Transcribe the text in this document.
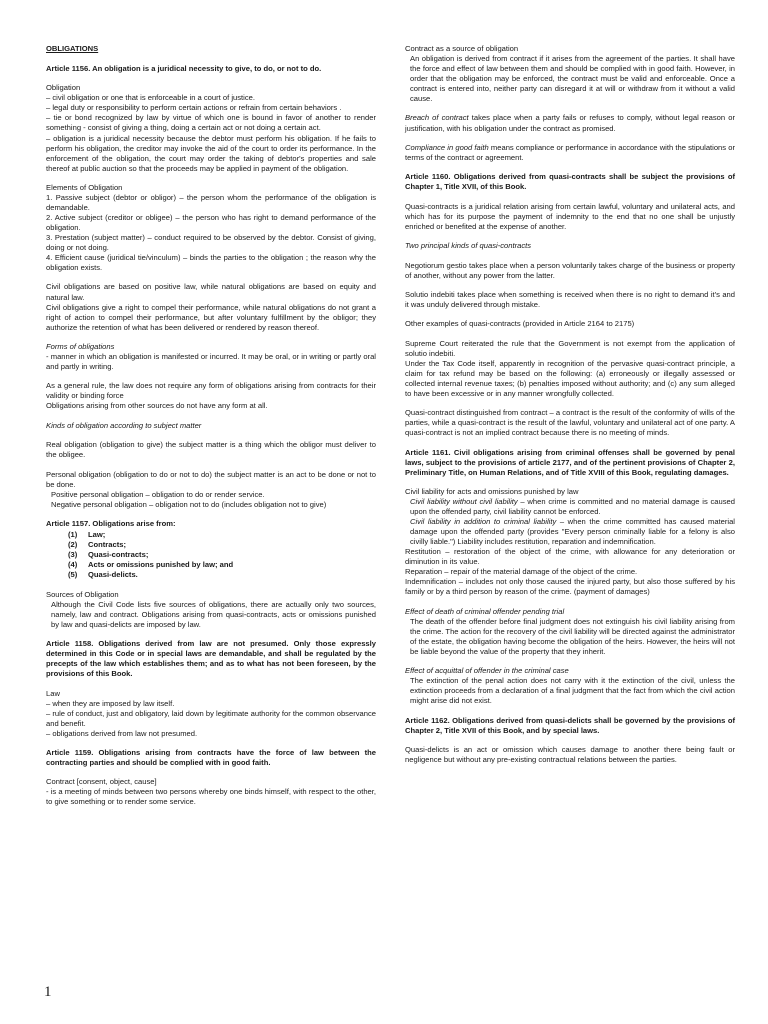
OBLIGATIONS

Article 1156. An obligation is a juridical necessity to give, to do, or not to do.

Obligation

– civil obligation or one that is enforceable in a court of justice.

– legal duty or responsibility to perform certain actions or refrain from certain behaviors .

– tie or bond recognized by law by virtue of which one is bound in favor of another to render something - consist of giving a thing, doing a certain act or not doing a certain act.

– obligation is a juridical necessity because the debtor must perform his obligation. If he fails to perform his obligation, the creditor may invoke the aid of the court to order its performance. In the enforcement of the obligation, the court may order the taking of debtor's properties and sale thereof at public auction so that the proceeds may be applied in payment of the obligation.

Elements of Obligation

1. Passive subject (debtor or obligor) – the person whom the performance of the obligation is demandable.

2. Active subject (creditor or obligee) – the person who has right to demand performance of the obligation.

3. Prestation (subject matter) – conduct required to be observed by the debtor. Consist of giving, doing or not doing.

4. Efficient cause (juridical tie/vinculum) – binds the parties to the obligation ; the reason why the obligation exists.

Civil obligations are based on positive law, while natural obligations are based on equity and natural law.

Civil obligations give a right to compel their performance, while natural obligations do not grant a right of action to compel their performance, but after voluntary fulfillment by the obligor; they authorize the retention of what has been delivered or rendered by reason thereof.

Forms of obligations

- manner in which an obligation is manifested or incurred. It may be oral, or in writing or partly oral and partly in writing.

As a general rule, the law does not require any form of obligations arising from contracts for their validity or binding force

Obligations arising from other sources do not have any form at all.

Kinds of obligation according to subject matter

Real obligation (obligation to give) the subject matter is a thing which the obligor must deliver to the obligee.

Personal obligation (obligation to do or not to do) the subject matter is an act to be done or not to be done.

Positive personal obligation – obligation to do or render service.

Negative personal obligation – obligation not to do (includes obligation not to give)

Article 1157. Obligations arise from:

(1)	Law;
(2)	Contracts;
(3)	Quasi-contracts;
(4)	Acts or omissions punished by law; and
(5)	Quasi-delicts.

Sources of Obligation

Although the Civil Code lists five sources of obligations, there are actually only two sources, namely, law and contract. Obligations arising from quasi-contracts, acts or omissions punished by law and quasi-delicts are imposed by law.

Article 1158. Obligations derived from law are not presumed. Only those expressly determined in this Code or in special laws are demandable, and shall be regulated by the precepts of the law which establishes them; and as to what has not been foreseen, by the provisions of this Book.

Law

– when they are imposed by law itself.

– rule of conduct, just and obligatory, laid down by legitimate authority for the common observance and benefit.

– obligations derived from law not presumed.

Article 1159. Obligations arising from contracts have the force of law between the contracting parties and should be complied with in good faith.

Contract [consent, object, cause]

- is a meeting of minds between two persons whereby one binds himself, with respect to the other, to give something or to render some service.

Contract as a source of obligation

An obligation is derived from contract if it arises from the agreement of the parties. It shall have the force and effect of law between them and should be complied with in good faith. However, in order that the obligation may be enforced, the contract must be valid and enforceable. Once a contract is entered into, neither party can disregard it at will or withdraw from it without a valid cause.

Breach of contract takes place when a party fails or refuses to comply, without legal reason or justification, with his obligation under the contract as promised.

Compliance in good faith means compliance or performance in accordance with the stipulations or terms of the contract or agreement.

Article 1160. Obligations derived from quasi-contracts shall be subject the provisions of Chapter 1, Title XVII, of this Book.

Quasi-contracts is a juridical relation arising from certain lawful, voluntary and unilateral acts, and which has for its purpose the payment of indemnity to the end that no one shall be unjustly enriched or benefited at the expense of another.

Two principal kinds of quasi-contracts

Negotiorum gestio takes place when a person voluntarily takes charge of the business or property of another, without any power from the latter.

Solutio indebiti takes place when something is received when there is no right to demand it's and it was unduly delivered through mistake.

Other examples of quasi-contracts (provided in Article 2164 to 2175)

Supreme Court reiterated the rule that the Government is not exempt from the application of solutio indebiti.

Under the Tax Code itself, apparently in recognition of the pervasive quasi-contract principle, a claim for tax refund may be based on the following: (a) erroneously or illegally assessed or collected internal revenue taxes; (b) penalties imposed without authority; and (c) any sum alleged to have been excessive or in any manner wrongfully collected.

Quasi-contract distinguished from contract – a contract is the result of the conformity of wills of the parties, while a quasi-contract is the result of the lawful, voluntary and unilateral act of one party. A quasi-contract is not an implied contract because there is no meeting of minds.

Article 1161. Civil obligations arising from criminal offenses shall be governed by penal laws, subject to the provisions of article 2177, and of the pertinent provisions of Chapter 2, Preliminary Title, on Human Relations, and of Title XVIII of this Book, regulating damages.

Civil liability for acts and omissions punished by law

Civil liability without civil liability – when crime is committed and no material damage is caused upon the offended party, civil liability cannot be enforced.

Civil liability in addition to criminal liability – when the crime committed has caused material damage upon the offended party (provides "Every person criminally liable for a felony is also civilly liable.") Liability includes restitution, reparation and indemnification.

Restitution – restoration of the object of the crime, with allowance for any deterioration or diminution in its value.

Reparation – repair of the material damage of the object of the crime.

Indemnification – includes not only those caused the injured party, but also those suffered by his family or by a third person by reason of the crime. (payment of damages)

Effect of death of criminal offender pending trial

The death of the offender before final judgment does not extinguish his civil liability arising from the crime. The action for the recovery of the civil liability will be directed against the administrator of the estate, the obligation having become the obligation of the heirs. However, the heirs will not be liable beyond the value of the property that they inherit.

Effect of acquittal of offender in the criminal case

The extinction of the penal action does not carry with it the extinction of the civil, unless the extinction proceeds from a declaration of a final judgment that the fact from which the civil action might arise did not exist.

Article 1162. Obligations derived from quasi-delicts shall be governed by the provisions of Chapter 2, Title XVII of this Book, and by special laws.

Quasi-delicts is an act or omission which causes damage to another there being fault or negligence but without any pre-existing contractual relations between the parties.

1
